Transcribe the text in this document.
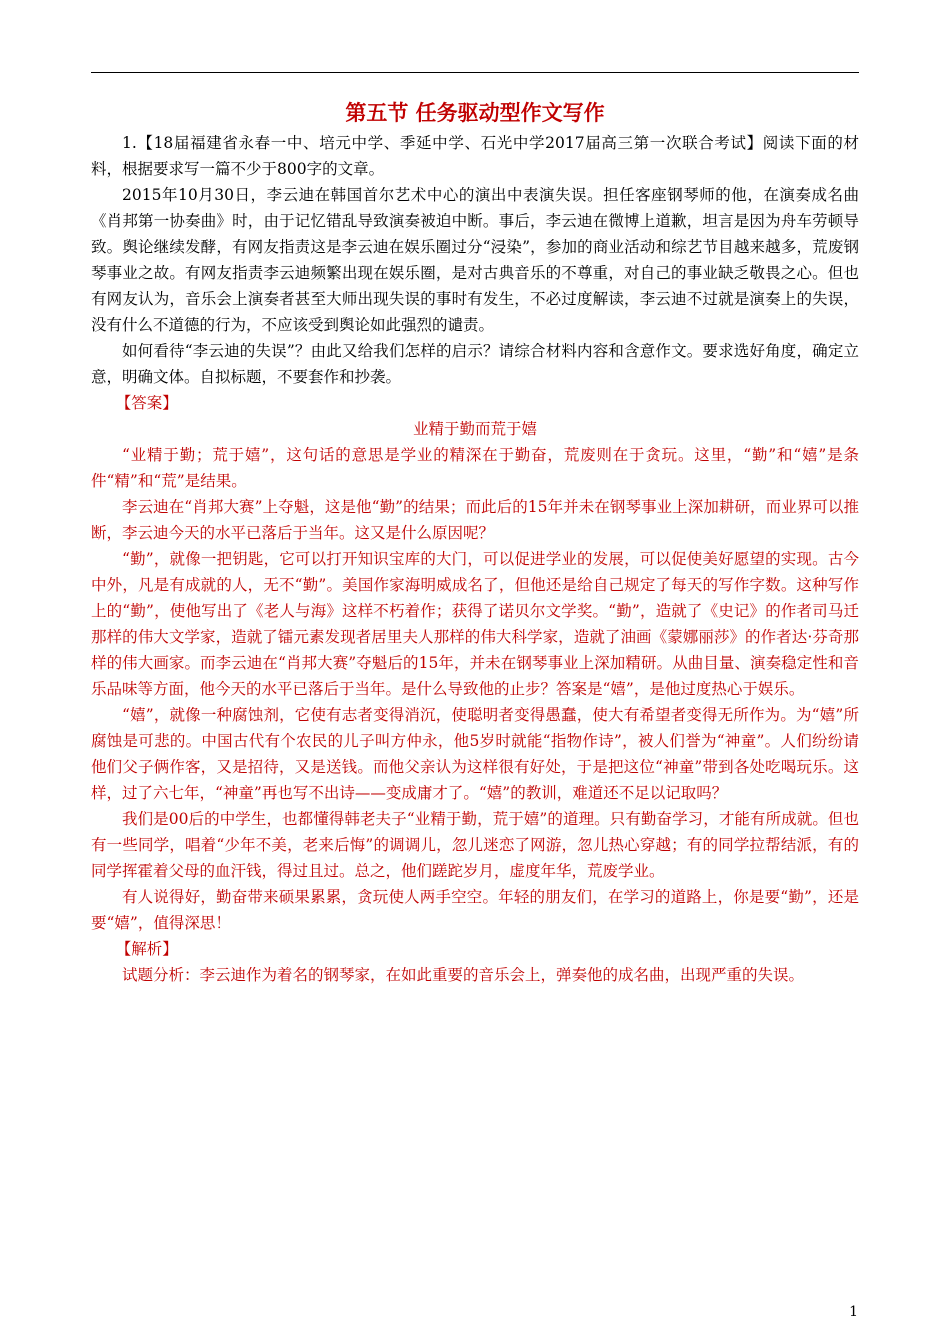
第五节 任务驱动型作文写作

1.【18届福建省永春一中、培元中学、季延中学、石光中学2017届高三第一次联合考试】阅读下面的材料，根据要求写一篇不少于800字的文章。

2015年10月30日，李云迪在韩国首尔艺术中心的演出中表演失误。担任客座钢琴师的他，在演奏成名曲《肖邦第一协奏曲》时，由于记忆错乱导致演奏被迫中断。事后，李云迪在微博上道歉，坦言是因为舟车劳顿导致。舆论继续发酵，有网友指责这是李云迪在娱乐圈过分“浸染”，参加的商业活动和综艺节目越来越多，荒废钢琴事业之故。有网友指责李云迪频繁出现在娱乐圈，是对古典音乐的不尊重，对自己的事业缺乏敬畏之心。但也有网友认为，音乐会上演奏者甚至大师出现失误的事时有发生，不必过度解读，李云迪不过就是演奏上的失误，没有什么不道德的行为，不应该受到舆论如此强烈的谴责。

如何看待“李云迪的失误”？由此又给我们怎样的启示？请综合材料内容和含意作文。要求选好角度，确定立意，明确文体。自拟标题，不要套作和抄袭。

【答案】
业精于勤而荒于嬉

“业精于勤；荒于嬉”，这句话的意思是学业的精深在于勤奋，荒废则在于贪玩。这里，“勤”和“嬉”是条件“精”和“荒”是结果。

李云迪在“肖邦大赛”上夺魁，这是他“勤”的结果；而此后的15年并未在钢琴事业上深加耕研，而业界可以推断，李云迪今天的水平已落后于当年。这又是什么原因呢？

“勤”，就像一把钥匙，它可以打开知识宝库的大门，可以促进学业的发展，可以促使美好愿望的实现。古今中外，凡是有成就的人，无不“勤”。美国作家海明威成名了，但他还是给自己规定了每天的写作字数。这种写作上的“勤”，使他写出了《老人与海》这样不朽着作；获得了诺贝尔文学奖。“勤”，造就了《史记》的作者司马迁那样的伟大文学家，造就了镭元素发现者居里夫人那样的伟大科学家，造就了油画《蒙娜丽莎》的作者达·芬奇那样的伟大画家。而李云迪在“肖邦大赛”夺魁后的15年，并未在钢琴事业上深加精研。从曲目量、演奏稳定性和音乐品味等方面，他今天的水平已落后于当年。是什么导致他的止步？答案是“嬉”，是他过度热心于娱乐。

“嬉”，就像一种腐蚀剂，它使有志者变得消沉，使聪明者变得愚蠢，使大有希望者变得无所作为。为“嬉”所腐蚀是可悲的。中国古代有个农民的儿子叫方仲永，他5岁时就能“指物作诗”，被人们誉为“神童”。人们纷纷请他们父子俩作客，又是招待，又是送钱。而他父亲认为这样很有好处，于是把这位“神童”带到各处吃喝玩乐。这样，过了六七年，“神童”再也写不出诗——变成庸才了。“嬉”的教训，难道还不足以记取吗？

我们是00后的中学生，也都懂得韩老夫子“业精于勤，荒于嬉”的道理。只有勤奋学习，才能有所成就。但也有一些同学，唱着“少年不美，老来后悔”的调调儿，忽儿迷恋了网游，忽儿热心穿越；有的同学拉帮结派，有的同学挥霍着父母的血汗钱，得过且过。总之，他们蹉跎岁月，虚度年华，荒废学业。

有人说得好，勤奋带来硕果累累，贪玩使人两手空空。年轻的朋友们，在学习的道路上，你是要“勤”，还是要“嬉”，值得深思！

【解析】

试题分析：李云迪作为着名的钢琴家，在如此重要的音乐会上，弹奏他的成名曲，出现严重的失误。

1
